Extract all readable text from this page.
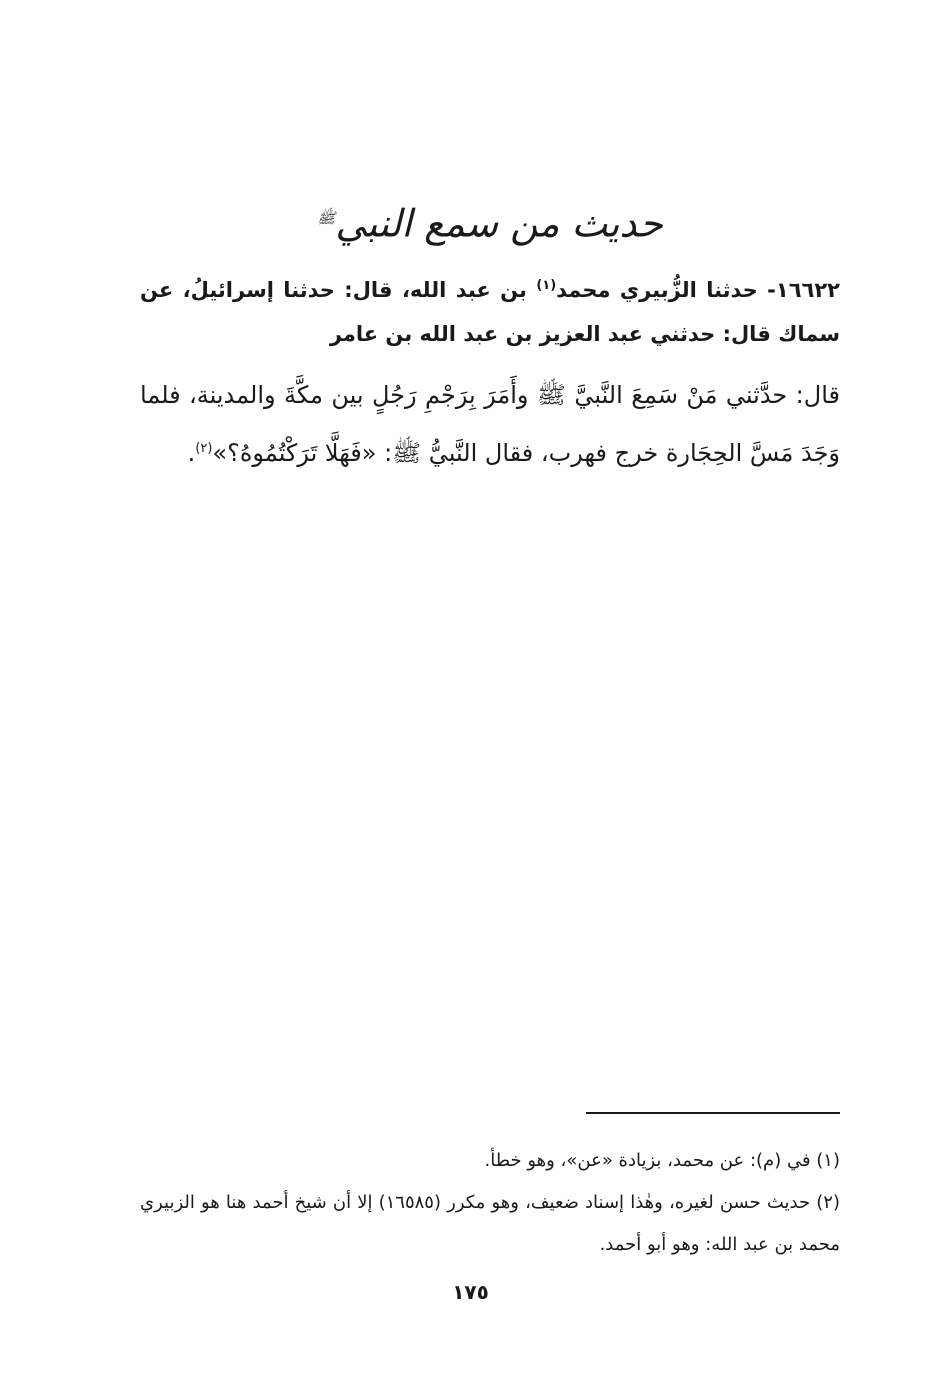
حديث من سمع النبي$^ﷺ$
١٦٦٢٢- حدثنا الزُّبيري محمد$^{(١)}$ بن عبد الله، قال: حدثنا إسرائيلُ، عن سماك قال: حدثني عبد العزيز بن عبد الله بن عامر
قال: حدَّثني مَنْ سَمِعَ النَّبيَّ ﷺ وأَمَرَ بِرَجْمِ رَجُلٍ بين مكَّةَ والمدينة، فلما وَجَدَ مَسَّ الحِجَارة خرج فهرب، فقال النَّبيُّ ﷺ: «فَهَلَّا تَرَكْتُمُوهُ؟»$^{(٢)}$.

(١) في (م): عن محمد، بزيادة «عن»، وهو خطأ.

(٢) حديث حسن لغيره، وهٰذا إسناد ضعيف، وهو مكرر (١٦٥٨٥) إلا أن شيخ أحمد هنا هو الزبيري محمد بن عبد الله: وهو أبو أحمد.

١٧٥
